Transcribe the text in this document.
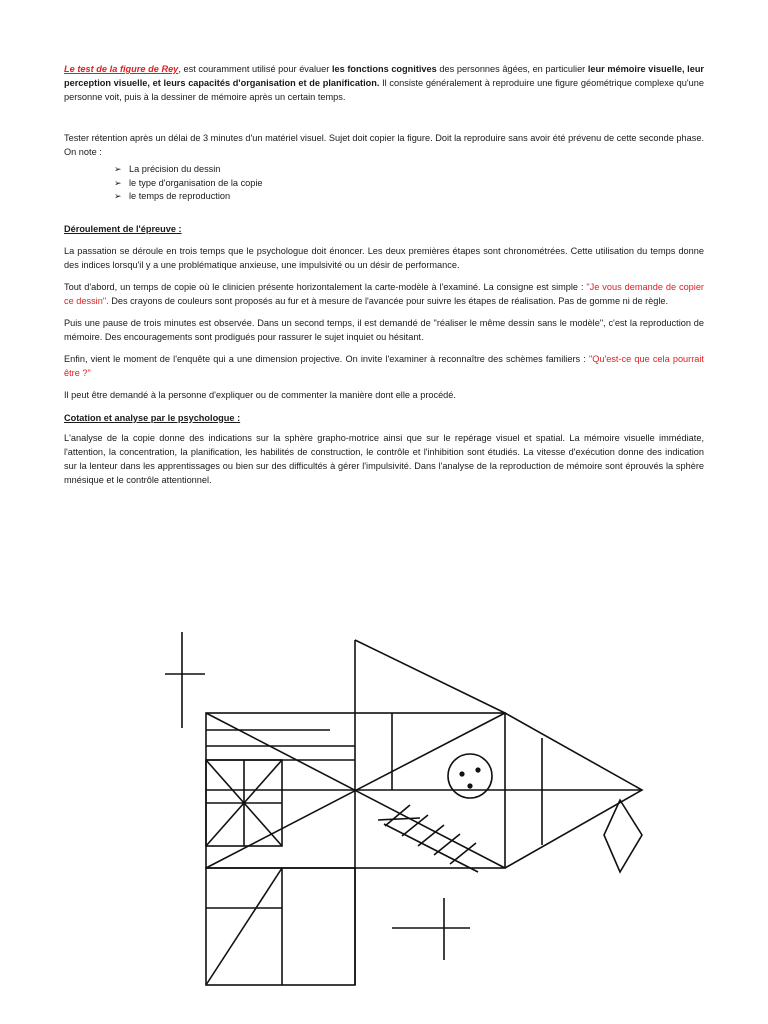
Le test de la figure de Rey, est couramment utilisé pour évaluer les fonctions cognitives des personnes âgées, en particulier leur mémoire visuelle, leur perception visuelle, et leurs capacités d'organisation et de planification. Il consiste généralement à reproduire une figure géométrique complexe qu'une personne voit, puis à la dessiner de mémoire après un certain temps.

Tester rétention après un délai de 3 minutes d'un matériel visuel. Sujet doit copier la figure. Doit la reproduire sans avoir été prévenu de cette seconde phase. On note :

➢ La précision du dessin
➢ le type d'organisation de la copie
➢ le temps de reproduction

Déroulement de l'épreuve :

La passation se déroule en trois temps que le psychologue doit énoncer. Les deux premières étapes sont chronométrées. Cette utilisation du temps donne des indices lorsqu'il y a une problématique anxieuse, une impulsivité ou un désir de performance.

Tout d'abord, un temps de copie où le clinicien présente horizontalement la carte-modèle à l'examiné. La consigne est simple : "Je vous demande de copier ce dessin". Des crayons de couleurs sont proposés au fur et à mesure de l'avancée pour suivre les étapes de réalisation. Pas de gomme ni de règle.

Puis une pause de trois minutes est observée. Dans un second temps, il est demandé de "réaliser le même dessin sans le modèle", c'est la reproduction de mémoire. Des encouragements sont prodigués pour rassurer le sujet inquiet ou hésitant.

Enfin, vient le moment de l'enquête qui a une dimension projective. On invite l'examiner à reconnaître des schèmes familiers : "Qu'est-ce que cela pourrait être ?"

Il peut être demandé à la personne d'expliquer ou de commenter la manière dont elle a procédé.

Cotation et analyse par le psychologue :

L'analyse de la copie donne des indications sur la sphère grapho-motrice ainsi que sur le repérage visuel et spatial. La mémoire visuelle immédiate, l'attention, la concentration, la planification, les habilités de construction, le contrôle et l'inhibition sont étudiés. La vitesse d'exécution donne des indication sur la lenteur dans les apprentissages ou bien sur des difficultés à gérer l'impulsivité. Dans l'analyse de la reproduction de mémoire sont éprouvés la sphère mnésique et le contrôle attentionnel.
